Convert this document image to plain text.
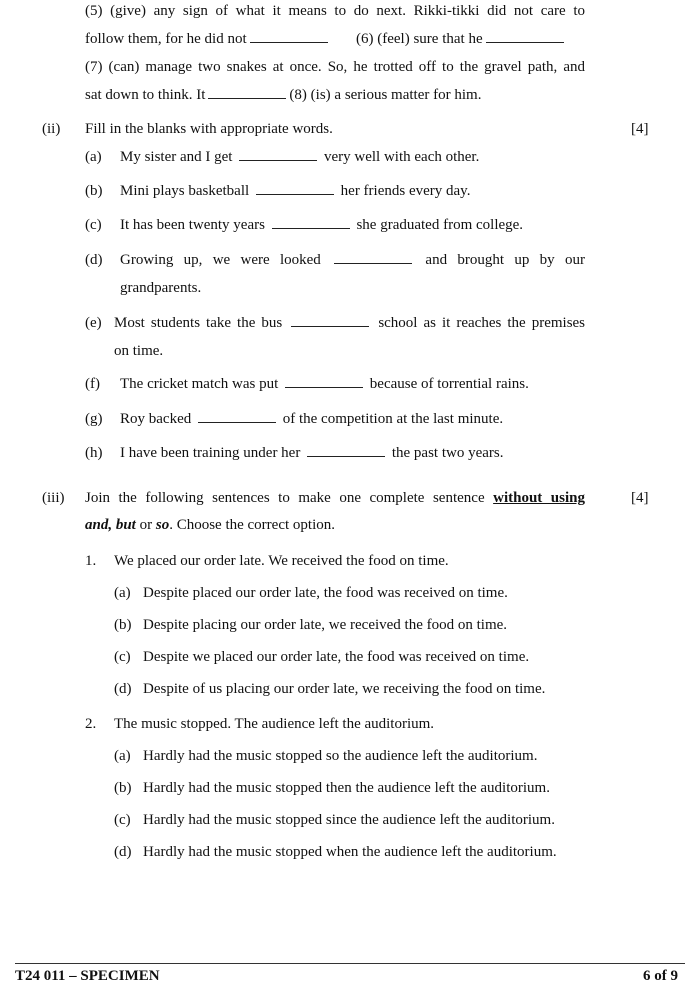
(5) (give) any sign of what it means to do next. Rikki-tikki did not care to
follow them, for he did not	(6) (feel) sure that he
(7) (can) manage two snakes at once. So, he trotted off to the gravel path, and
sat down to think. It	(8) (is) a serious matter for him.
(ii) Fill in the blanks with appropriate words.	[4]
(a) My sister and I get	very well with each other.
(b) Mini plays basketball	her friends every day.
(c) It has been twenty years	she graduated from college.
(d) Growing up, we were looked	and brought up by our
grandparents.
(e) Most students take the bus	school as it reaches the premises
on time.
(f) The cricket match was put	because of torrential rains.
(g) Roy backed	of the competition at the last minute.
(h) I have been training under her	the past two years.
(iii) Join the following sentences to make one complete sentence without using	[4]
and, but or so. Choose the correct option.
1. We placed our order late. We received the food on time.
(a) Despite placed our order late, the food was received on time.
(b) Despite placing our order late, we received the food on time.
(c) Despite we placed our order late, the food was received on time.
(d) Despite of us placing our order late, we receiving the food on time.
2. The music stopped. The audience left the auditorium.
(a) Hardly had the music stopped so the audience left the auditorium.
(b) Hardly had the music stopped then the audience left the auditorium.
(c) Hardly had the music stopped since the audience left the auditorium.
(d) Hardly had the music stopped when the audience left the auditorium.
T24 011 – SPECIMEN	6 of 9
